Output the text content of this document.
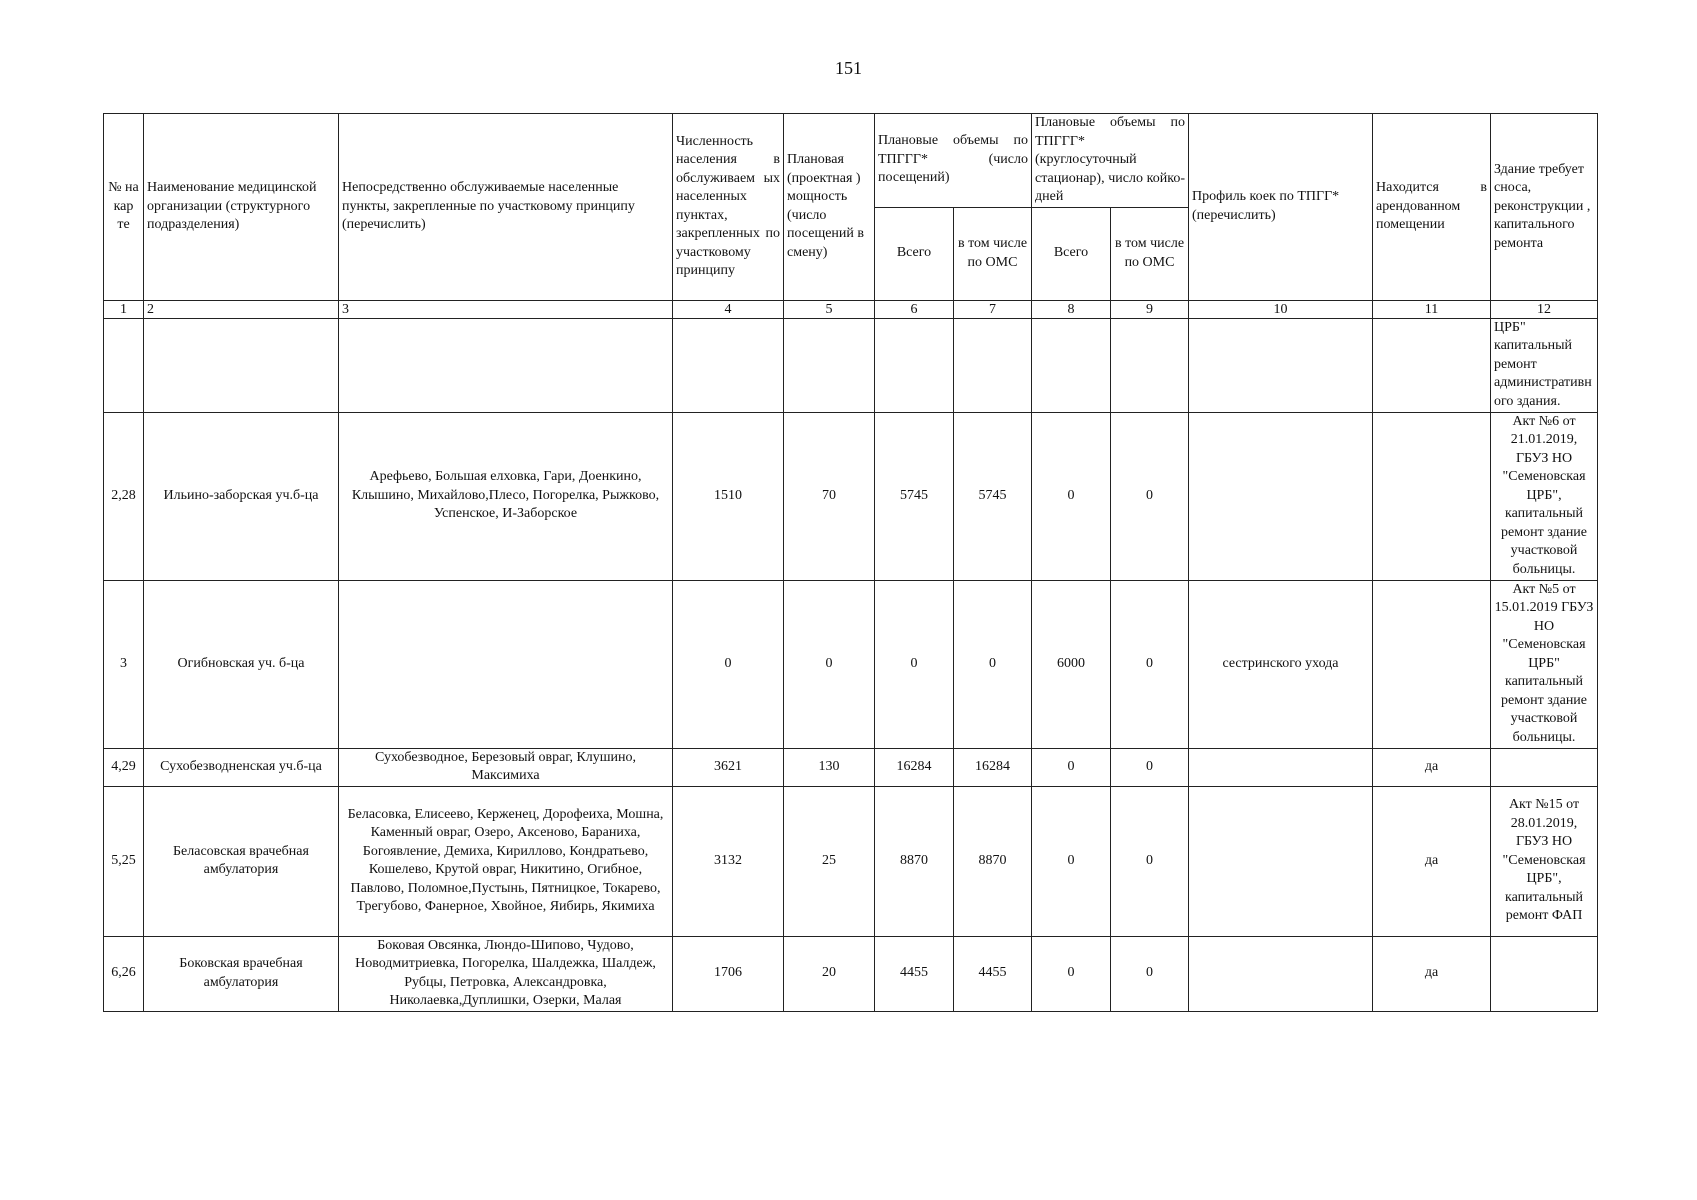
151
№ на кар те	Наименование медицинской организации (структурного подразделения)	Непосредственно обслуживаемые населенные пункты, закрепленные по участковому принципу (перечислить)	Численность населения в обслуживаем ых населенных пунктах, закрепленных по участковому принципу	Плановая (проектная ) мощность (число посещений в смену)	Плановые объемы по ТПГГГ* (число посещений)		Плановые объемы по ТПГГГ* (круглосуточный стационар), число койко-дней		Профиль коек по ТПГГ* (перечислить)	Находится в арендованном помещении	Здание требует сноса, реконструкции , капитального ремонта
					Всего	в том числе по ОМС	Всего	в том числе по ОМС			
1	2	3	4	5	6	7	8	9	10	11	12
											ЦРБ" капитальный ремонт административного здания.
2,28	Ильино-заборская уч.б-ца	Арефьево, Большая елховка, Гари, Доенкино, Клышино, Михайлово,Плесо, Погорелка, Рыжково, Успенское, И-Заборское	1510	70	5745	5745	0	0			Акт №6 от 21.01.2019, ГБУЗ НО "Семеновская ЦРБ", капитальный ремонт здание участковой больницы.
3	Огибновская уч. б-ца		0	0	0	0	6000	0	сестринского ухода		Акт №5 от 15.01.2019 ГБУЗ НО "Семеновская ЦРБ" капитальный ремонт здание участковой больницы.
4,29	Сухобезводненская уч.б-ца	Сухобезводное, Березовый овраг, Клушино, Максимиха	3621	130	16284	16284	0	0		да	
5,25	Беласовская врачебная амбулатория	Беласовка, Елисеево, Керженец, Дорофеиха, Мошна, Каменный овраг, Озеро, Аксеново, Бараниха, Богоявление, Демиха, Кириллово, Кондратьево, Кошелево, Крутой овраг, Никитино, Огибное, Павлово, Поломное,Пустынь, Пятницкое, Токарево, Трегубово, Фанерное, Хвойное, Яибирь, Якимиха	3132	25	8870	8870	0	0		да	Акт №15 от 28.01.2019, ГБУЗ НО "Семеновская ЦРБ", капитальный ремонт ФАП
6,26	Боковская врачебная амбулатория	Боковая Овсянка, Люндо-Шипово, Чудово, Новодмитриевка, Погорелка, Шалдежка, Шалдеж, Рубцы, Петровка, Александровка, Николаевка,Дуплишки, Озерки, Малая	1706	20	4455	4455	0	0		да	
